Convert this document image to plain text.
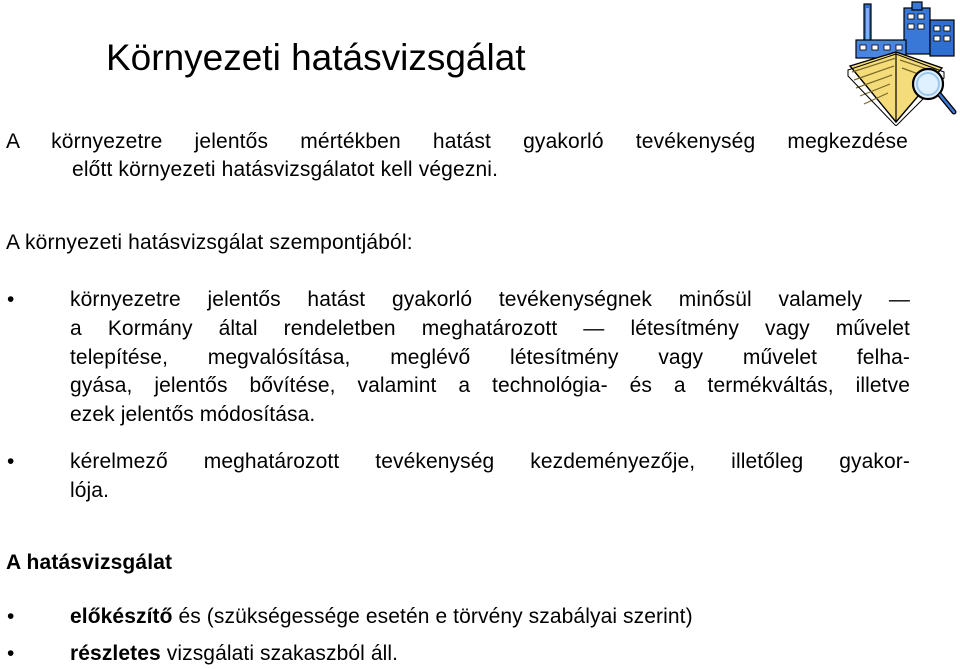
Környezeti hatásvizsgálat
A környezetre jelentős mértékben hatást gyakorló tevékenység megkezdése
előtt környezeti hatásvizsgálatot kell végezni.
A környezeti hatásvizsgálat szempontjából:
•	környezetre jelentős hatást gyakorló tevékenységnek minősül valamely —
a Kormány által rendeletben meghatározott — létesítmény vagy művelet
telepítése, megvalósítása, meglévő létesítmény vagy művelet felha-
gyása, jelentős bővítése, valamint a technológia- és a termékváltás, illetve
ezek jelentős módosítása.
•	kérelmező meghatározott tevékenység kezdeményezője, illetőleg gyakor-
lója.
A hatásvizsgálat
•	előkészítő és (szükségessége esetén e törvény szabályai szerint)
•	részletes vizsgálati szakaszból áll.
